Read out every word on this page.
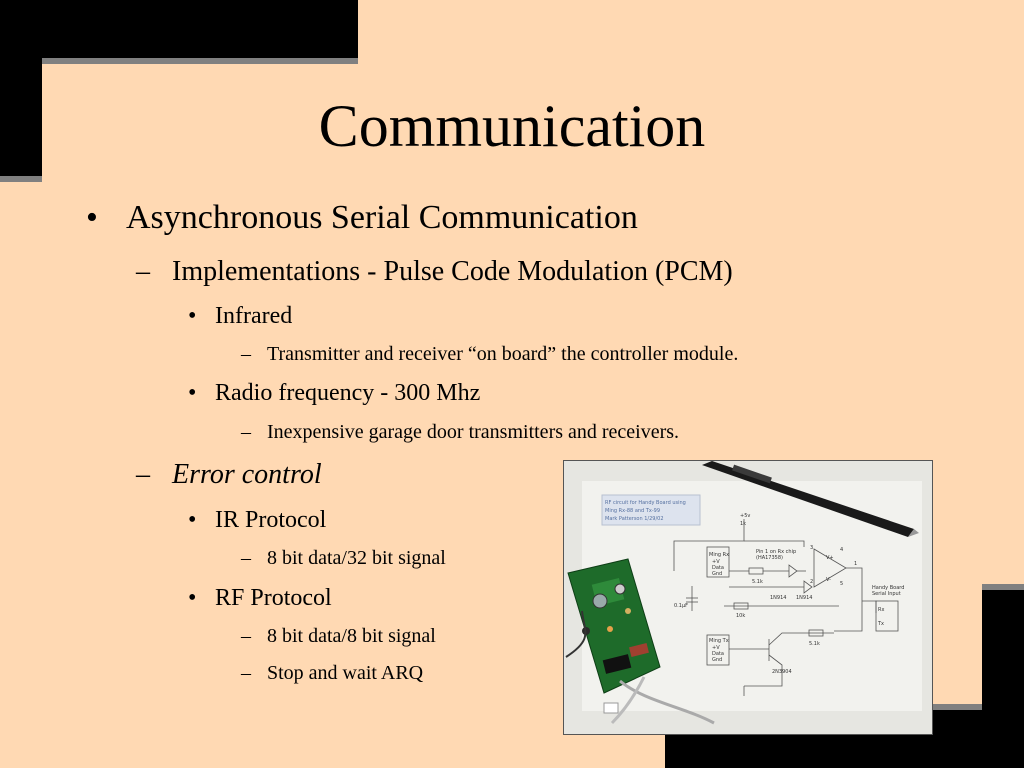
Communication
• Asynchronous Serial Communication
– Implementations - Pulse Code Modulation (PCM)
• Infrared
– Transmitter and receiver “on board” the controller module.
• Radio frequency - 300 Mhz
– Inexpensive garage door transmitters and receivers.
– Error control
• IR Protocol
– 8 bit data/32 bit signal
• RF Protocol
– 8 bit data/8 bit signal
– Stop and wait ARQ
RF circuit for Handy Board using
Ming Rx-88 and Tx-99
Mark Patterson 1/29/02	+5v
1k
Pin 1 on Rx chip
(HA17358)
Ming Rx
+V
Data
Gnd
0.1µF
5.1k
1N914 1N914
10k
Ming Tx
+V
Data
Gnd
2N3904
5.1k
Handy Board
Serial Input
Rx
Tx
3
2
4
5
1
V+
V-
